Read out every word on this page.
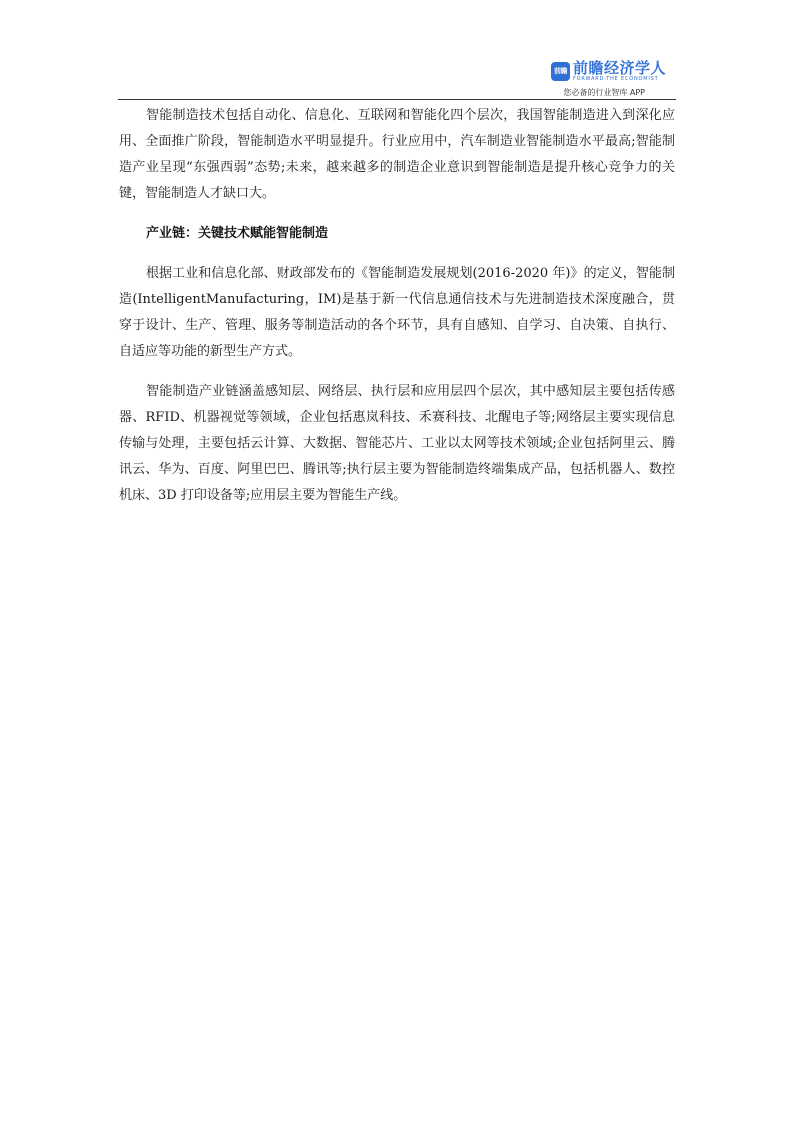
前瞻 前瞻经济学人
FORWARD-THE ECONOMIST
您必备的行业智库 APP

智能制造技术包括自动化、信息化、互联网和智能化四个层次，我国智能制造进入到深化应用、全面推广阶段，智能制造水平明显提升。行业应用中，汽车制造业智能制造水平最高;智能制造产业呈现“东强西弱”态势;未来，越来越多的制造企业意识到智能制造是提升核心竞争力的关键，智能制造人才缺口大。

产业链：关键技术赋能智能制造

根据工业和信息化部、财政部发布的《智能制造发展规划(2016-2020 年)》的定义，智能制造(IntelligentManufacturing，IM)是基于新一代信息通信技术与先进制造技术深度融合，贯穿于设计、生产、管理、服务等制造活动的各个环节，具有自感知、自学习、自决策、自执行、自适应等功能的新型生产方式。

智能制造产业链涵盖感知层、网络层、执行层和应用层四个层次，其中感知层主要包括传感器、RFID、机器视觉等领域，企业包括惠岚科技、禾赛科技、北醒电子等;网络层主要实现信息传输与处理，主要包括云计算、大数据、智能芯片、工业以太网等技术领域;企业包括阿里云、腾讯云、华为、百度、阿里巴巴、腾讯等;执行层主要为智能制造终端集成产品，包括机器人、数控机床、3D 打印设备等;应用层主要为智能生产线。
